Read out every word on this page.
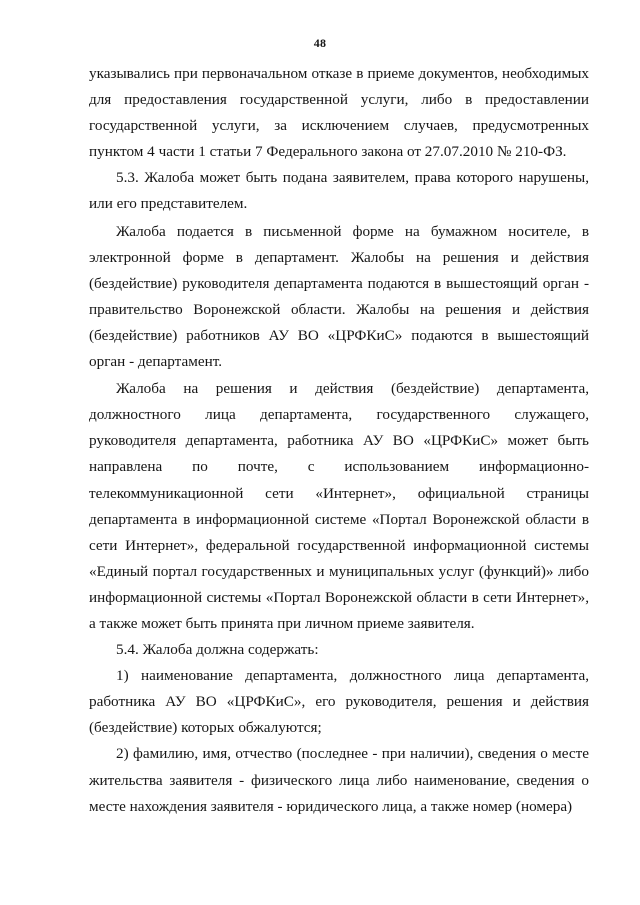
48

указывались при первоначальном отказе в приеме документов, необходимых для предоставления государственной услуги, либо в предоставлении государственной услуги, за исключением случаев, предусмотренных пунктом 4 части 1 статьи 7 Федерального закона от 27.07.2010 № 210-ФЗ.

5.3. Жалоба может быть подана заявителем, права которого нарушены, или его представителем.

Жалоба подается в письменной форме на бумажном носителе, в электронной форме в департамент. Жалобы на решения и действия (бездействие) руководителя департамента подаются в вышестоящий орган - правительство Воронежской области. Жалобы на решения и действия (бездействие) работников АУ ВО «ЦРФКиС» подаются в вышестоящий орган - департамент.

Жалоба на решения и действия (бездействие) департамента, должностного лица департамента, государственного служащего, руководителя департамента, работника АУ ВО «ЦРФКиС» может быть направлена по почте, с использованием информационно-телекоммуникационной сети «Интернет», официальной страницы департамента в информационной системе «Портал Воронежской области в сети Интернет», федеральной государственной информационной системы «Единый портал государственных и муниципальных услуг (функций)» либо информационной системы «Портал Воронежской области в сети Интернет», а также может быть принята при личном приеме заявителя.

5.4. Жалоба должна содержать:

1) наименование департамента, должностного лица департамента, работника АУ ВО «ЦРФКиС», его руководителя, решения и действия (бездействие) которых обжалуются;

2) фамилию, имя, отчество (последнее - при наличии), сведения о месте жительства заявителя - физического лица либо наименование, сведения о месте нахождения заявителя - юридического лица, а также номер (номера)
